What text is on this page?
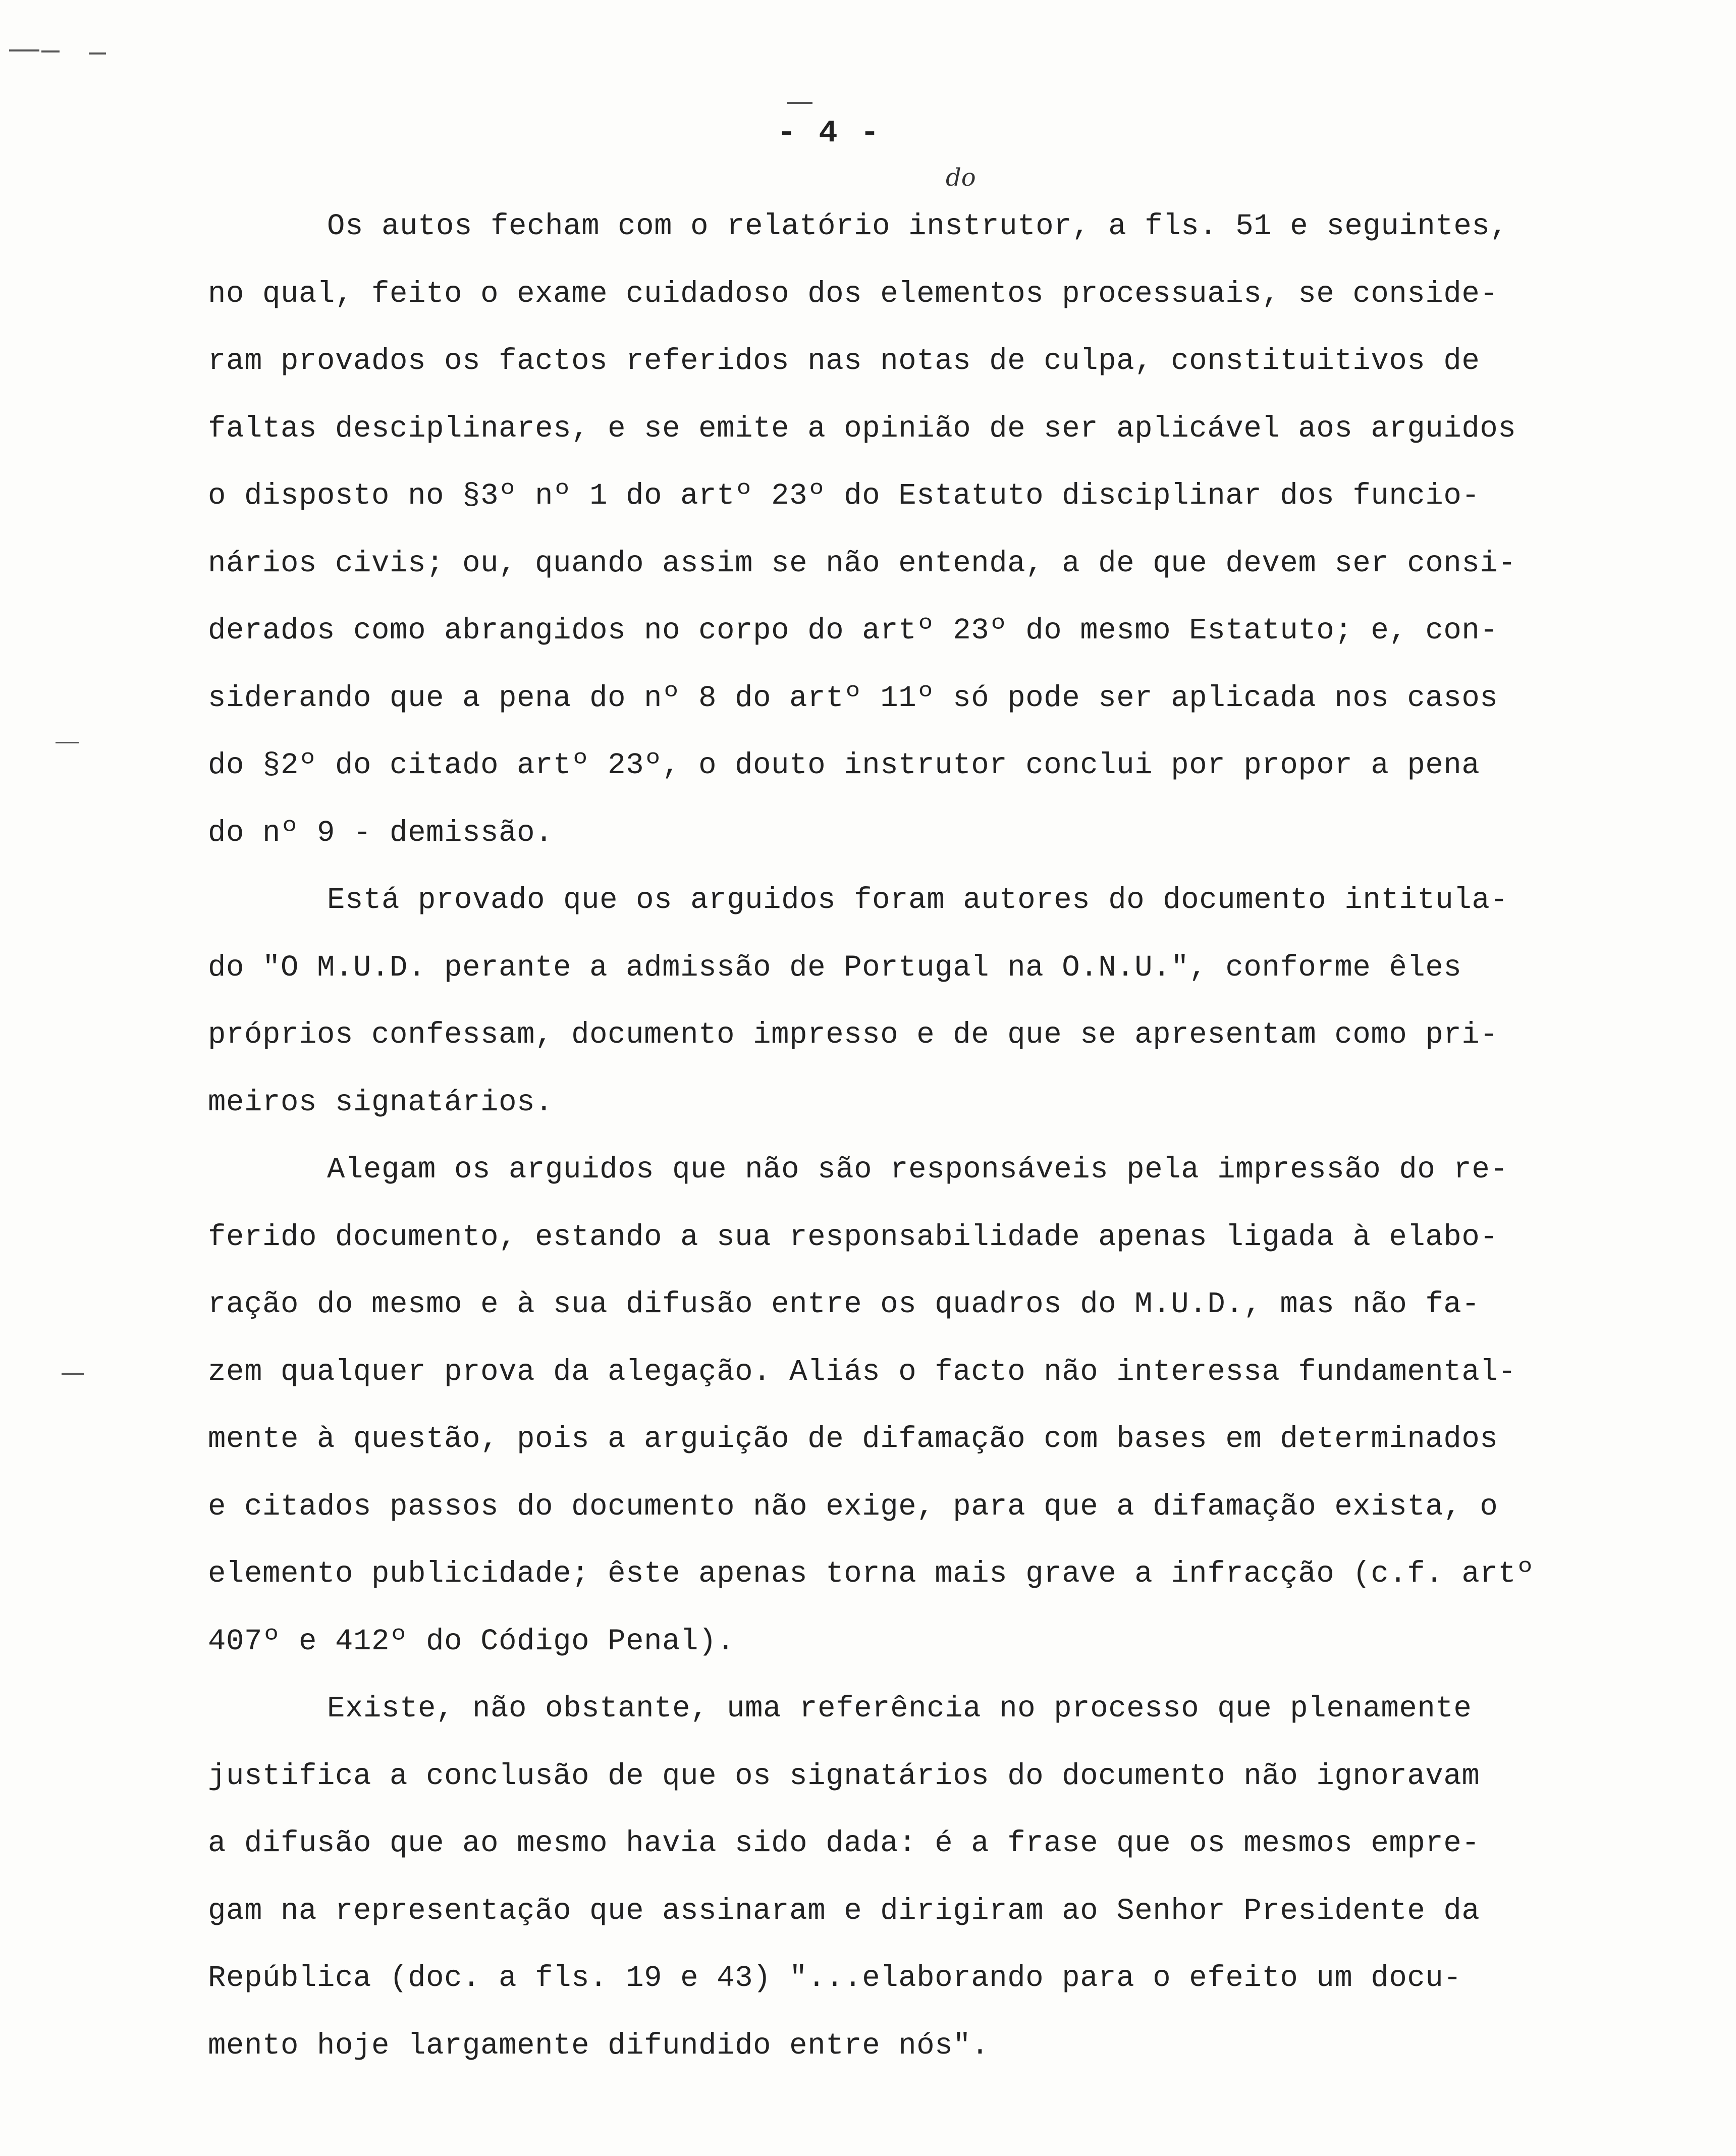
- 4 -
do
Os autos fecham com o relatório instrutor, a fls. 51 e seguintes,
no qual, feito o exame cuidadoso dos elementos processuais, se conside-
ram provados os factos referidos nas notas de culpa, constituitivos de
faltas desciplinares, e se emite a opinião de ser aplicável aos arguidos
o disposto no §3º nº 1 do artº 23º do Estatuto disciplinar dos funcio-
nários civis; ou, quando assim se não entenda, a de que devem ser consi-
derados como abrangidos no corpo do artº 23º do mesmo Estatuto; e, con-
siderando que a pena do nº 8 do artº 11º só pode ser aplicada nos casos
do §2º do citado artº 23º, o douto instrutor conclui por propor a pena
do nº 9 - demissão.
Está provado que os arguidos foram autores do documento intitula-
do "O M.U.D. perante a admissão de Portugal na O.N.U.", conforme êles
próprios confessam, documento impresso e de que se apresentam como pri-
meiros signatários.
Alegam os arguidos que não são responsáveis pela impressão do re-
ferido documento, estando a sua responsabilidade apenas ligada à elabo-
ração do mesmo e à sua difusão entre os quadros do M.U.D., mas não fa-
zem qualquer prova da alegação. Aliás o facto não interessa fundamental-
mente à questão, pois a arguição de difamação com bases em determinados
e citados passos do documento não exige, para que a difamação exista, o
elemento publicidade; êste apenas torna mais grave a infracção (c.f. artº
407º e 412º do Código Penal).
Existe, não obstante, uma referência no processo que plenamente
justifica a conclusão de que os signatários do documento não ignoravam
a difusão que ao mesmo havia sido dada: é a frase que os mesmos empre-
gam na representação que assinaram e dirigiram ao Senhor Presidente da
República (doc. a fls. 19 e 43) "...elaborando para o efeito um docu-
mento hoje largamente difundido entre nós".
